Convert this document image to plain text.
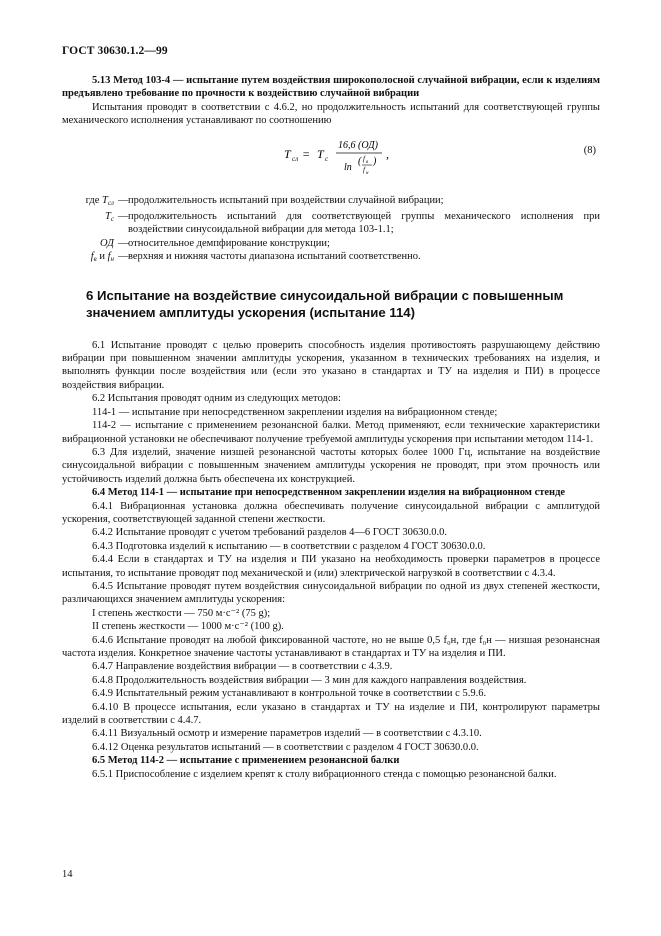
ГОСТ 30630.1.2—99

5.13 Метод 103-4 — испытание путем воздействия широкополосной случайной вибрации, если к изделиям предъявлено требование по прочности к воздействию случайной вибрации

Испытания проводят в соответствии с 4.6.2, но продолжительность испытаний для соответствующей группы механического исполнения устанавливают по соотношению

T сл = T с
16,6 (ОД)
ln
( f в
f н
)
,	(8)
где $T_{сл}$ — продолжительность испытаний при воздействии случайной вибрации;
$T_с$ — продолжительность испытаний для соответствующей группы механического исполнения при воздействии синусоидальной вибрации для метода 103-1.1;
ОД — относительное демпфирование конструкции;
$f_в$ и $f_н$ — верхняя и нижняя частоты диапазона испытаний соответственно.
6 Испытание на воздействие синусоидальной вибрации с повышенным значением амплитуды ускорения (испытание 114)

6.1 Испытание проводят с целью проверить способность изделия противостоять разрушающему действию вибрации при повышенном значении амплитуды ускорения, указанном в технических требованиях на изделия, и выполнять функции после воздействия или (если это указано в стандартах и ТУ на изделия и ПИ) в процессе воздействия вибрации.

6.2 Испытания проводят одним из следующих методов:

114-1 — испытание при непосредственном закреплении изделия на вибрационном стенде;

114-2 — испытание с применением резонансной балки. Метод применяют, если технические характеристики вибрационной установки не обеспечивают получение требуемой амплитуды ускорения при испытании методом 114-1.

6.3 Для изделий, значение низшей резонансной частоты которых более 1000 Гц, испытание на воздействие синусоидальной вибрации с повышенным значением амплитуды ускорения не проводят, при этом прочность или устойчивость изделий должна быть обеспечена их конструкцией.

6.4 Метод 114-1 — испытание при непосредственном закреплении изделия на вибрационном стенде

6.4.1 Вибрационная установка должна обеспечивать получение синусоидальной вибрации с амплитудой ускорения, соответствующей заданной степени жесткости.

6.4.2 Испытание проводят с учетом требований разделов 4—6 ГОСТ 30630.0.0.

6.4.3 Подготовка изделий к испытанию — в соответствии с разделом 4 ГОСТ 30630.0.0.

6.4.4 Если в стандартах и ТУ на изделия и ПИ указано на необходимость проверки параметров в процессе испытания, то испытание проводят под механической и (или) электрической нагрузкой в соответствии с 4.3.4.

6.4.5 Испытание проводят путем воздействия синусоидальной вибрации по одной из двух степеней жесткости, различающихся значением амплитуды ускорения:

I степень жесткости — 750 м·с⁻² (75 g);

II степень жесткости — 1000 м·с⁻² (100 g).

6.4.6 Испытание проводят на любой фиксированной частоте, но не выше 0,5 f₀н, где f₀н — низшая резонансная частота изделия. Конкретное значение частоты устанавливают в стандартах и ТУ на изделия и ПИ.

6.4.7 Направление воздействия вибрации — в соответствии с 4.3.9.

6.4.8 Продолжительность воздействия вибрации — 3 мин для каждого направления воздействия.

6.4.9 Испытательный режим устанавливают в контрольной точке в соответствии с 5.9.6.

6.4.10 В процессе испытания, если указано в стандартах и ТУ на изделие и ПИ, контролируют параметры изделий в соответствии с 4.4.7.

6.4.11 Визуальный осмотр и измерение параметров изделий — в соответствии с 4.3.10.

6.4.12 Оценка результатов испытаний — в соответствии с разделом 4 ГОСТ 30630.0.0.

6.5 Метод 114-2 — испытание с применением резонансной балки

6.5.1 Приспособление с изделием крепят к столу вибрационного стенда с помощью резонансной балки.

14
